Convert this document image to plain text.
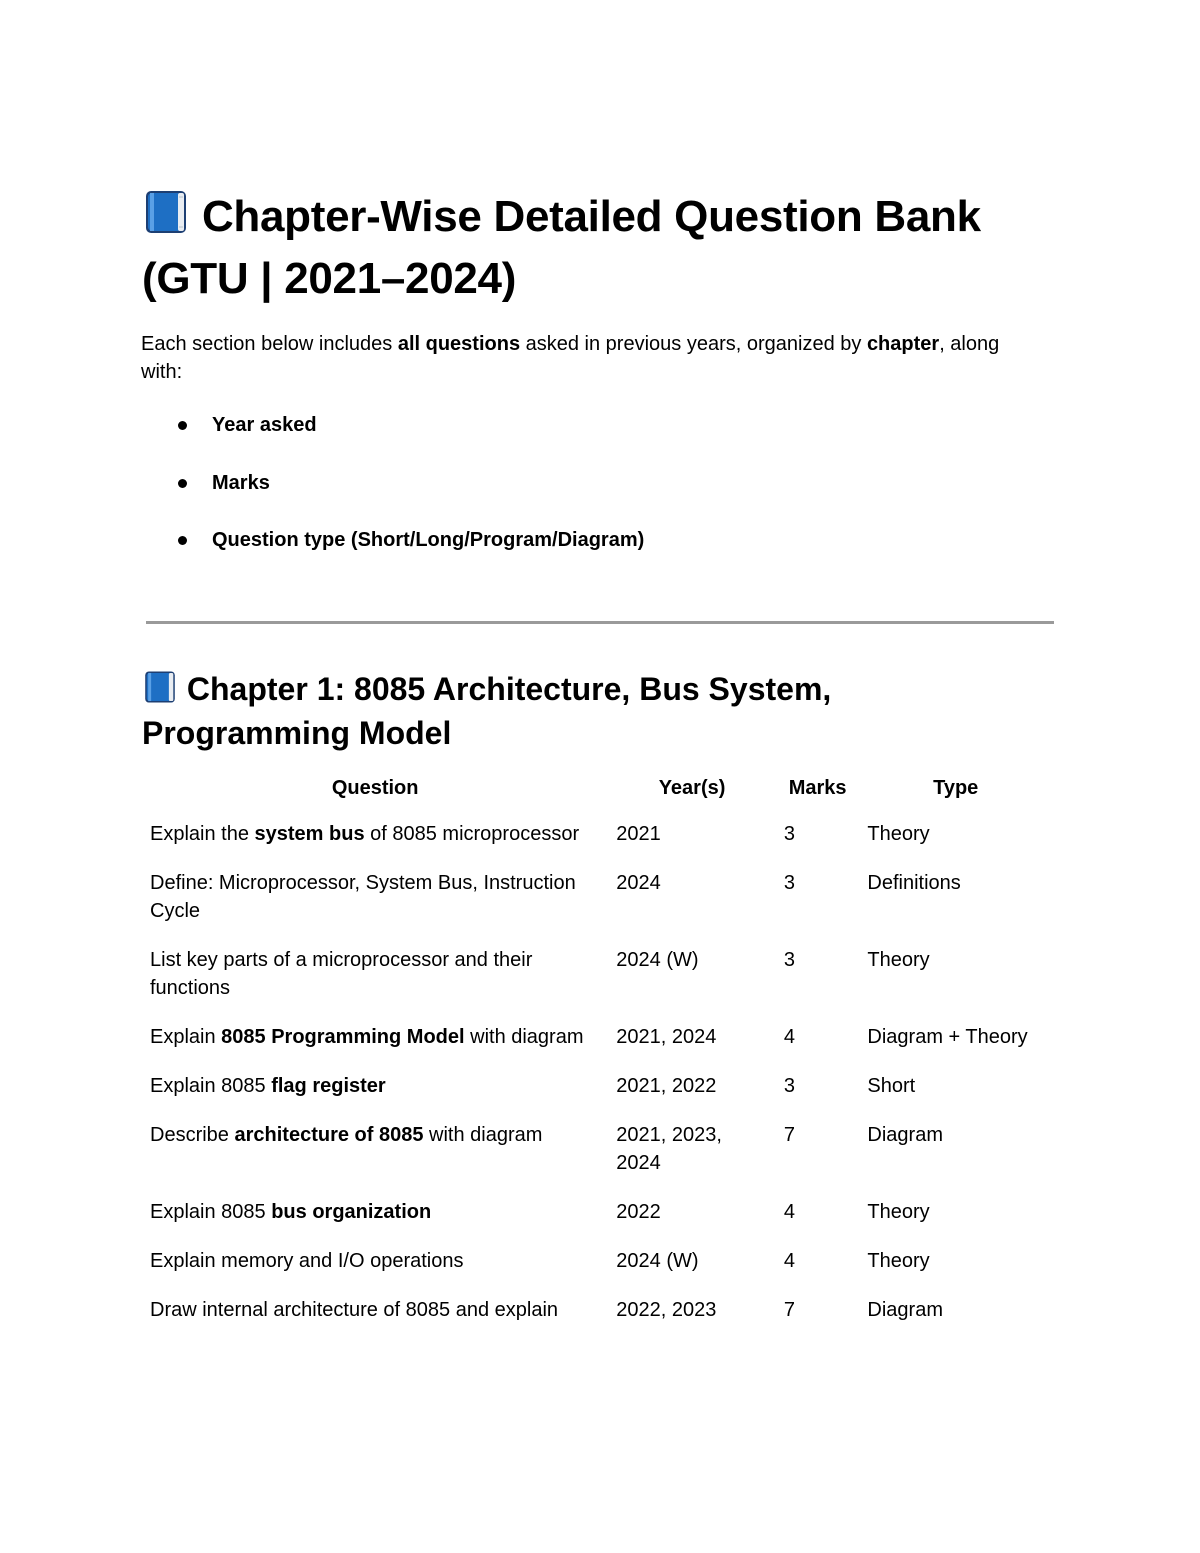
Chapter-Wise Detailed Question Bank (GTU | 2021–2024)

Each section below includes all questions asked in previous years, organized by chapter, along with:

Year asked
Marks
Question type (Short/Long/Program/Diagram)
Chapter 1: 8085 Architecture, Bus System, Programming Model
Question	Year(s)	Marks	Type
Explain the system bus of 8085 microprocessor	2021	3	Theory
Define: Microprocessor, System Bus, Instruction Cycle	2024	3	Definitions
List key parts of a microprocessor and their functions	2024 (W)	3	Theory
Explain 8085 Programming Model with diagram	2021, 2024	4	Diagram + Theory
Explain 8085 flag register	2021, 2022	3	Short
Describe architecture of 8085 with diagram	2021, 2023, 2024	7	Diagram
Explain 8085 bus organization	2022	4	Theory
Explain memory and I/O operations	2024 (W)	4	Theory
Draw internal architecture of 8085 and explain	2022, 2023	7	Diagram
